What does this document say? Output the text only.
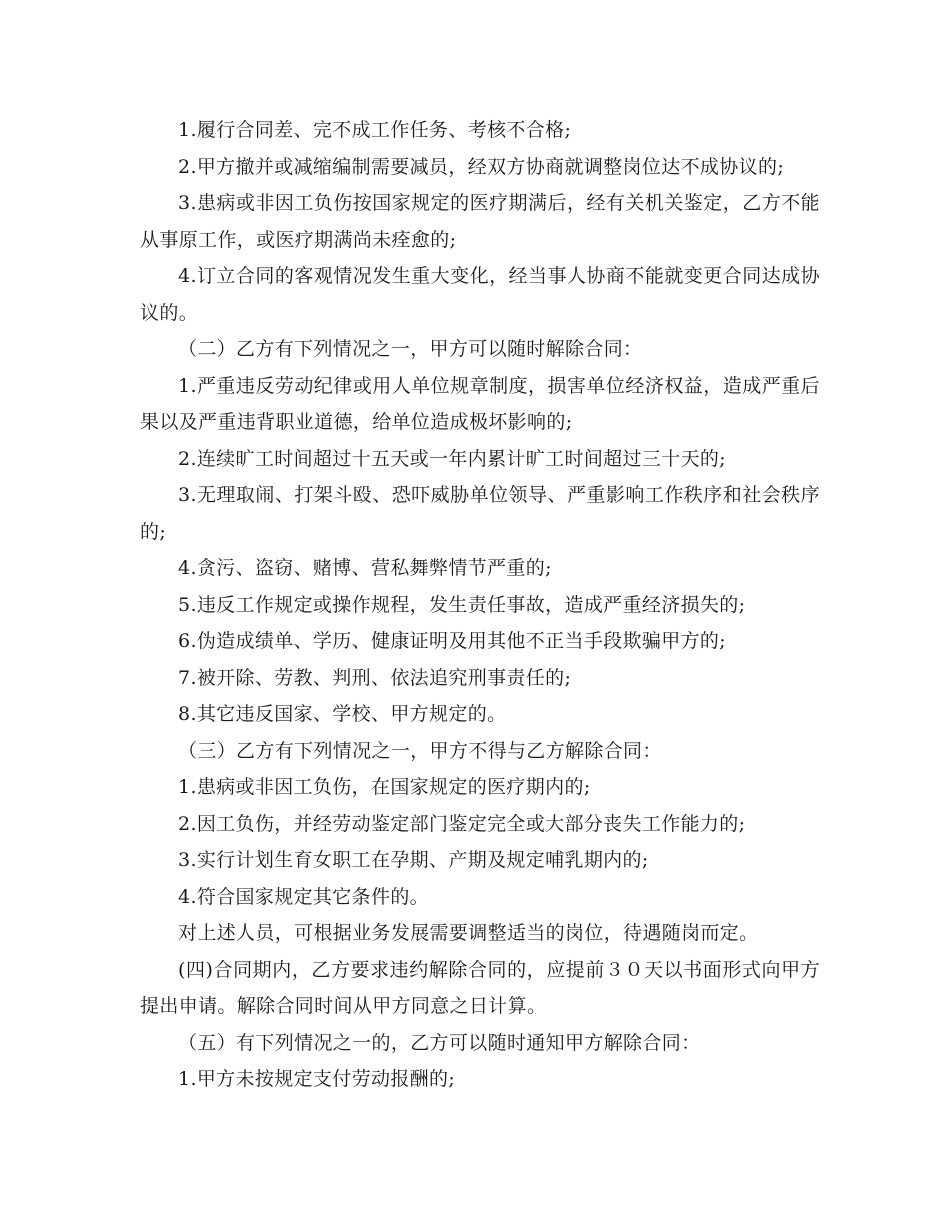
1.履行合同差、完不成工作任务、考核不合格;

2.甲方撤并或减缩编制需要减员，经双方协商就调整岗位达不成协议的;

3.患病或非因工负伤按国家规定的医疗期满后，经有关机关鉴定，乙方不能从事原工作，或医疗期满尚未痊愈的;

4.订立合同的客观情况发生重大变化，经当事人协商不能就变更合同达成协议的。

（二）乙方有下列情况之一，甲方可以随时解除合同：

1.严重违反劳动纪律或用人单位规章制度，损害单位经济权益，造成严重后果以及严重违背职业道德，给单位造成极坏影响的;

2.连续旷工时间超过十五天或一年内累计旷工时间超过三十天的;

3.无理取闹、打架斗殴、恐吓威胁单位领导、严重影响工作秩序和社会秩序的;

4.贪污、盗窃、赌博、营私舞弊情节严重的;

5.违反工作规定或操作规程，发生责任事故，造成严重经济损失的;

6.伪造成绩单、学历、健康证明及用其他不正当手段欺骗甲方的;

7.被开除、劳教、判刑、依法追究刑事责任的;

8.其它违反国家、学校、甲方规定的。

（三）乙方有下列情况之一，甲方不得与乙方解除合同：

1.患病或非因工负伤，在国家规定的医疗期内的;

2.因工负伤，并经劳动鉴定部门鉴定完全或大部分丧失工作能力的;

3.实行计划生育女职工在孕期、产期及规定哺乳期内的;

4.符合国家规定其它条件的。

对上述人员，可根据业务发展需要调整适当的岗位，待遇随岗而定。

(四)合同期内，乙方要求违约解除合同的，应提前３０天以书面形式向甲方提出申请。解除合同时间从甲方同意之日计算。

（五）有下列情况之一的，乙方可以随时通知甲方解除合同：

1.甲方未按规定支付劳动报酬的;
